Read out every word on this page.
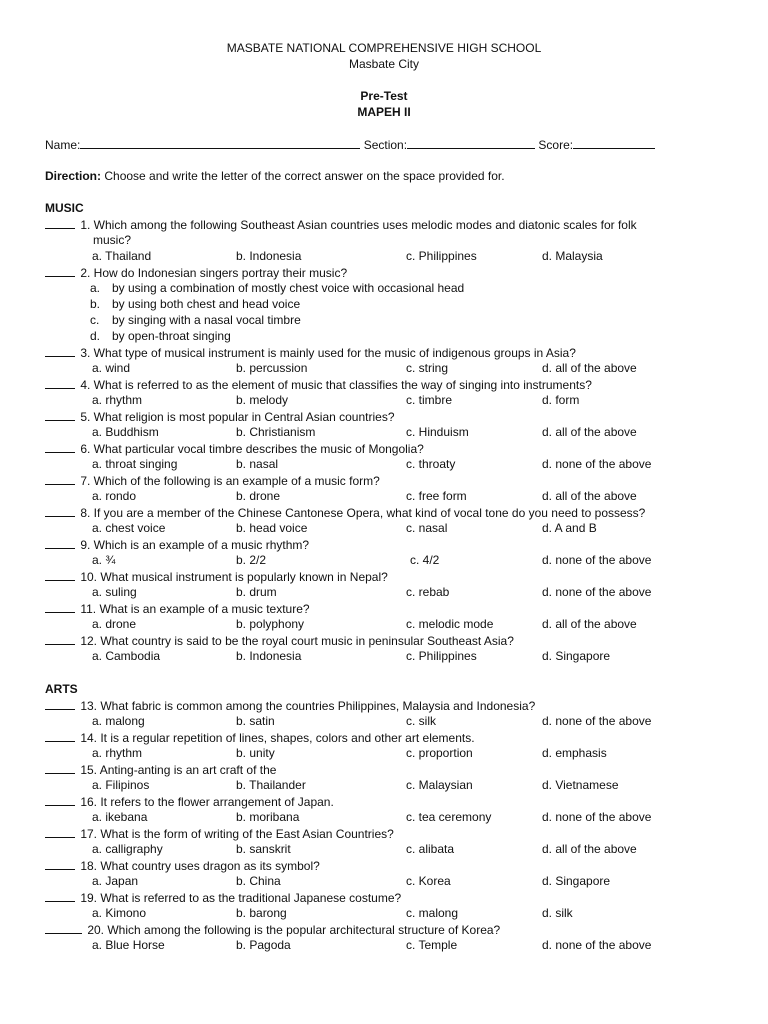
MASBATE NATIONAL COMPREHENSIVE HIGH SCHOOL
Masbate City
Pre-Test
MAPEH II
Name:	Section:	Score:
Direction: Choose and write the letter of the correct answer on the space provided for.
MUSIC
ARTS
1. Which among the following Southeast Asian countries uses melodic modes and diatonic scales for folk
music?
a. Thailand	b. Indonesia	c. Philippines	d. Malaysia
2. How do Indonesian singers portray their music?
a. by using a combination of mostly chest voice with occasional head
b. by using both chest and head voice
c. by singing with a nasal vocal timbre
d. by open-throat singing
3. What type of musical instrument is mainly used for the music of indigenous groups in Asia?
a. wind	b. percussion	c. string	d. all of the above
4. What is referred to as the element of music that classifies the way of singing into instruments?
a. rhythm	b. melody	c. timbre	d. form
5. What religion is most popular in Central Asian countries?
a. Buddhism	b. Christianism	c. Hinduism	d. all of the above
6. What particular vocal timbre describes the music of Mongolia?
a. throat singing	b. nasal	c. throaty	d. none of the above
7. Which of the following is an example of a music form?
a. rondo	b. drone	c. free form	d. all of the above
8. If you are a member of the Chinese Cantonese Opera, what kind of vocal tone do you need to possess?
a. chest voice	b. head voice	c. nasal	d. A and B
9. Which is an example of a music rhythm?
a. ¾	b. 2/2	c. 4/2	d. none of the above
10. What musical instrument is popularly known in Nepal?
a. suling	b. drum	c. rebab	d. none of the above
11. What is an example of a music texture?
a. drone	b. polyphony	c. melodic mode	d. all of the above
12. What country is said to be the royal court music in peninsular Southeast Asia?
a. Cambodia	b. Indonesia	c. Philippines	d. Singapore
13. What fabric is common among the countries Philippines, Malaysia and Indonesia?
a. malong	b. satin	c. silk	d. none of the above
14. It is a regular repetition of lines, shapes, colors and other art elements.
a. rhythm	b. unity	c. proportion	d. emphasis
15. Anting-anting is an art craft of the
a. Filipinos	b. Thailander	c. Malaysian	d. Vietnamese
16. It refers to the flower arrangement of Japan.
a. ikebana	b. moribana	c. tea ceremony	d. none of the above
17. What is the form of writing of the East Asian Countries?
a. calligraphy	b. sanskrit	c. alibata	d. all of the above
18. What country uses dragon as its symbol?
a. Japan	b. China	c. Korea	d. Singapore
19. What is referred to as the traditional Japanese costume?
a. Kimono	b. barong	c. malong	d. silk
20. Which among the following is the popular architectural structure of Korea?
a. Blue Horse	b. Pagoda	c. Temple	d. none of the above
